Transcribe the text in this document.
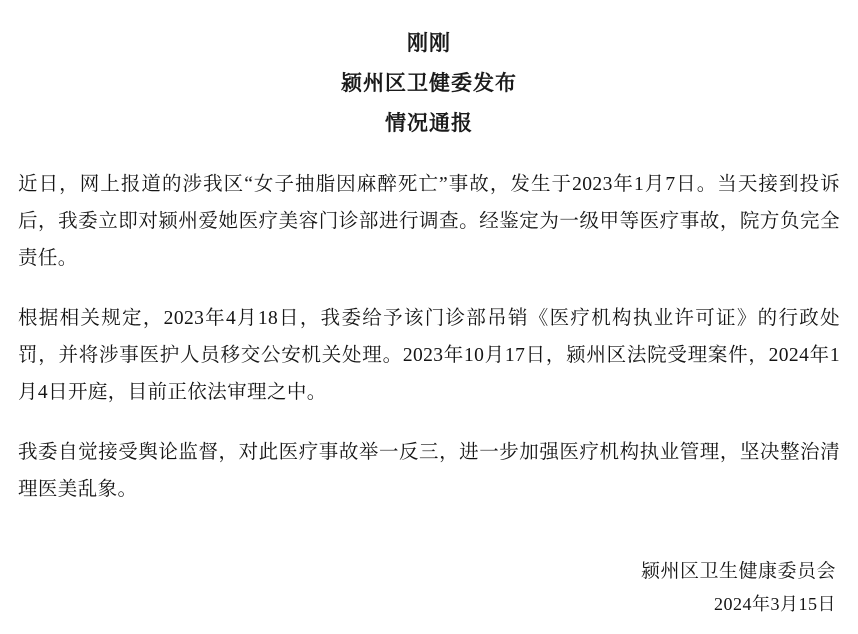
刚刚
颍州区卫健委发布
情况通报

近日，网上报道的涉我区“女子抽脂因麻醉死亡”事故，发生于2023年1月7日。当天接到投诉后，我委立即对颍州爱她医疗美容门诊部进行调查。经鉴定为一级甲等医疗事故，院方负完全责任。

根据相关规定，2023年4月18日，我委给予该门诊部吊销《医疗机构执业许可证》的行政处罚，并将涉事医护人员移交公安机关处理。2023年10月17日，颍州区法院受理案件，2024年1月4日开庭，目前正依法审理之中。

我委自觉接受舆论监督，对此医疗事故举一反三，进一步加强医疗机构执业管理，坚决整治清理医美乱象。

颍州区卫生健康委员会
2024年3月15日
